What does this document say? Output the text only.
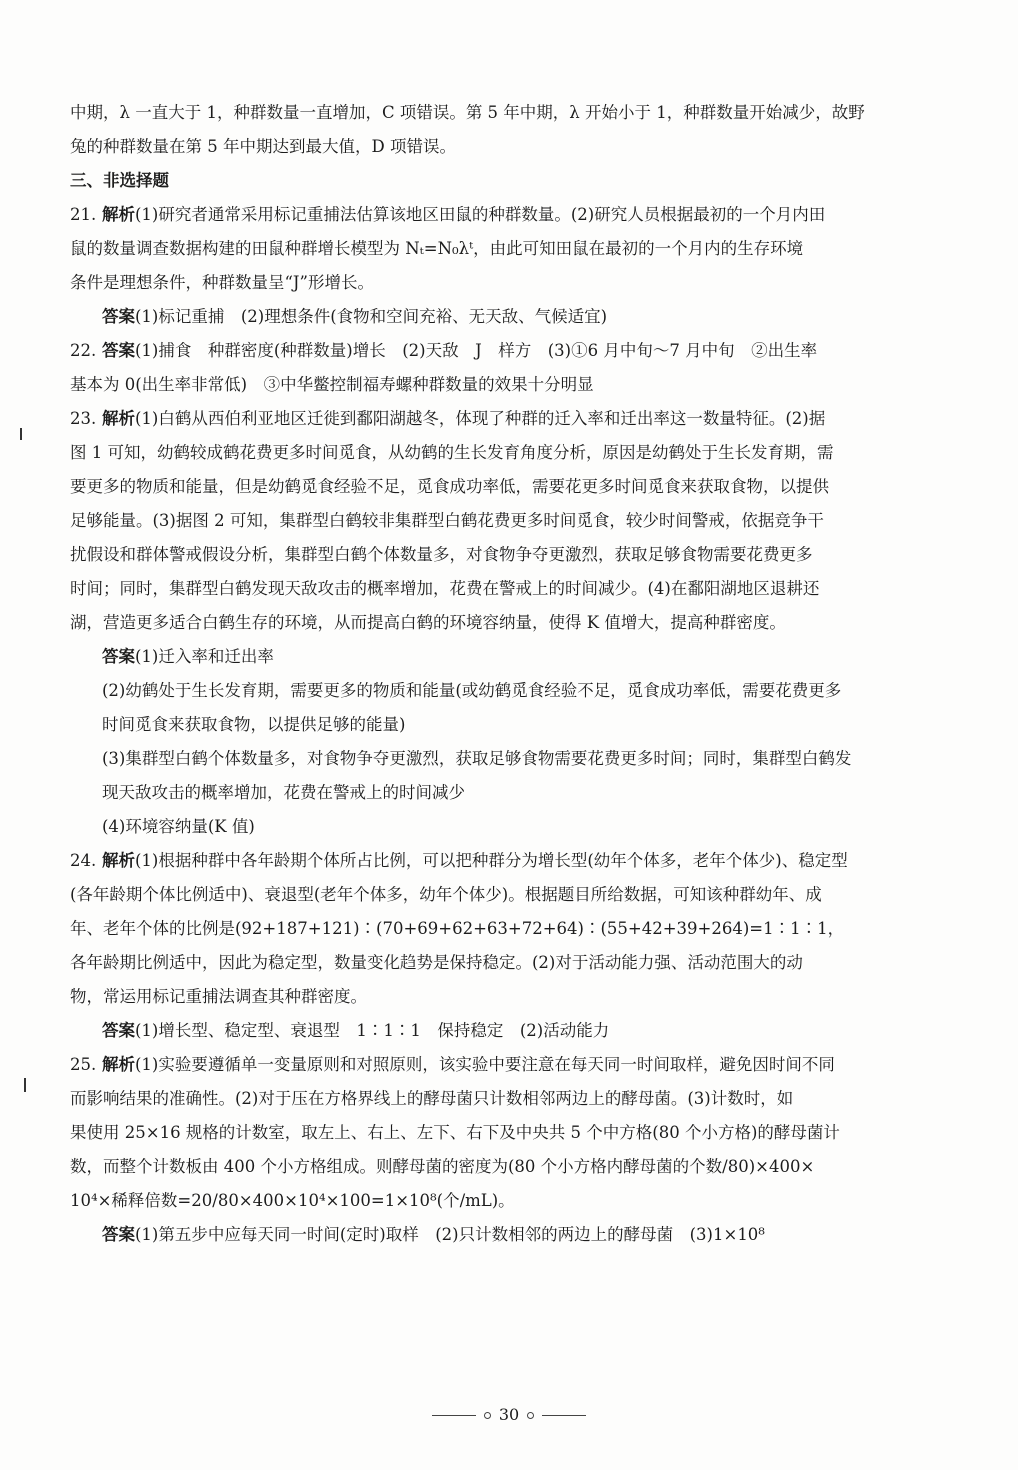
中期，λ 一直大于 1，种群数量一直增加，C 项错误。第 5 年中期，λ 开始小于 1，种群数量开始减少，故野

兔的种群数量在第 5 年中期达到最大值，D 项错误。

三、非选择题

21. 解析(1)研究者通常采用标记重捕法估算该地区田鼠的种群数量。(2)研究人员根据最初的一个月内田

鼠的数量调查数据构建的田鼠种群增长模型为 Nₜ=N₀λᵗ，由此可知田鼠在最初的一个月内的生存环境

条件是理想条件，种群数量呈“J”形增长。

答案(1)标记重捕　(2)理想条件(食物和空间充裕、无天敌、气候适宜)

22. 答案(1)捕食　种群密度(种群数量)增长　(2)天敌　J　样方　(3)①6 月中旬～7 月中旬　②出生率

基本为 0(出生率非常低)　③中华鳖控制福寿螺种群数量的效果十分明显

23. 解析(1)白鹤从西伯利亚地区迁徙到鄱阳湖越冬，体现了种群的迁入率和迁出率这一数量特征。(2)据

图 1 可知，幼鹤较成鹤花费更多时间觅食，从幼鹤的生长发育角度分析，原因是幼鹤处于生长发育期，需

要更多的物质和能量，但是幼鹤觅食经验不足，觅食成功率低，需要花更多时间觅食来获取食物，以提供

足够能量。(3)据图 2 可知，集群型白鹤较非集群型白鹤花费更多时间觅食，较少时间警戒，依据竞争干

扰假设和群体警戒假设分析，集群型白鹤个体数量多，对食物争夺更激烈，获取足够食物需要花费更多

时间；同时，集群型白鹤发现天敌攻击的概率增加，花费在警戒上的时间减少。(4)在鄱阳湖地区退耕还

湖，营造更多适合白鹤生存的环境，从而提高白鹤的环境容纳量，使得 K 值增大，提高种群密度。

答案(1)迁入率和迁出率

(2)幼鹤处于生长发育期，需要更多的物质和能量(或幼鹤觅食经验不足，觅食成功率低，需要花费更多

时间觅食来获取食物，以提供足够的能量)

(3)集群型白鹤个体数量多，对食物争夺更激烈，获取足够食物需要花费更多时间；同时，集群型白鹤发

现天敌攻击的概率增加，花费在警戒上的时间减少

(4)环境容纳量(K 值)

24. 解析(1)根据种群中各年龄期个体所占比例，可以把种群分为增长型(幼年个体多，老年个体少)、稳定型

(各年龄期个体比例适中)、衰退型(老年个体多，幼年个体少)。根据题目所给数据，可知该种群幼年、成

年、老年个体的比例是(92+187+121)∶(70+69+62+63+72+64)∶(55+42+39+264)=1∶1∶1，

各年龄期比例适中，因此为稳定型，数量变化趋势是保持稳定。(2)对于活动能力强、活动范围大的动

物，常运用标记重捕法调查其种群密度。

答案(1)增长型、稳定型、衰退型　1∶1∶1　保持稳定　(2)活动能力

25. 解析(1)实验要遵循单一变量原则和对照原则，该实验中要注意在每天同一时间取样，避免因时间不同

而影响结果的准确性。(2)对于压在方格界线上的酵母菌只计数相邻两边上的酵母菌。(3)计数时，如

果使用 25×16 规格的计数室，取左上、右上、左下、右下及中央共 5 个中方格(80 个小方格)的酵母菌计

数，而整个计数板由 400 个小方格组成。则酵母菌的密度为(80 个小方格内酵母菌的个数/80)×400×

10⁴×稀释倍数=20/80×400×10⁴×100=1×10⁸(个/mL)。

答案(1)第五步中应每天同一时间(定时)取样　(2)只计数相邻的两边上的酵母菌　(3)1×10⁸

30
